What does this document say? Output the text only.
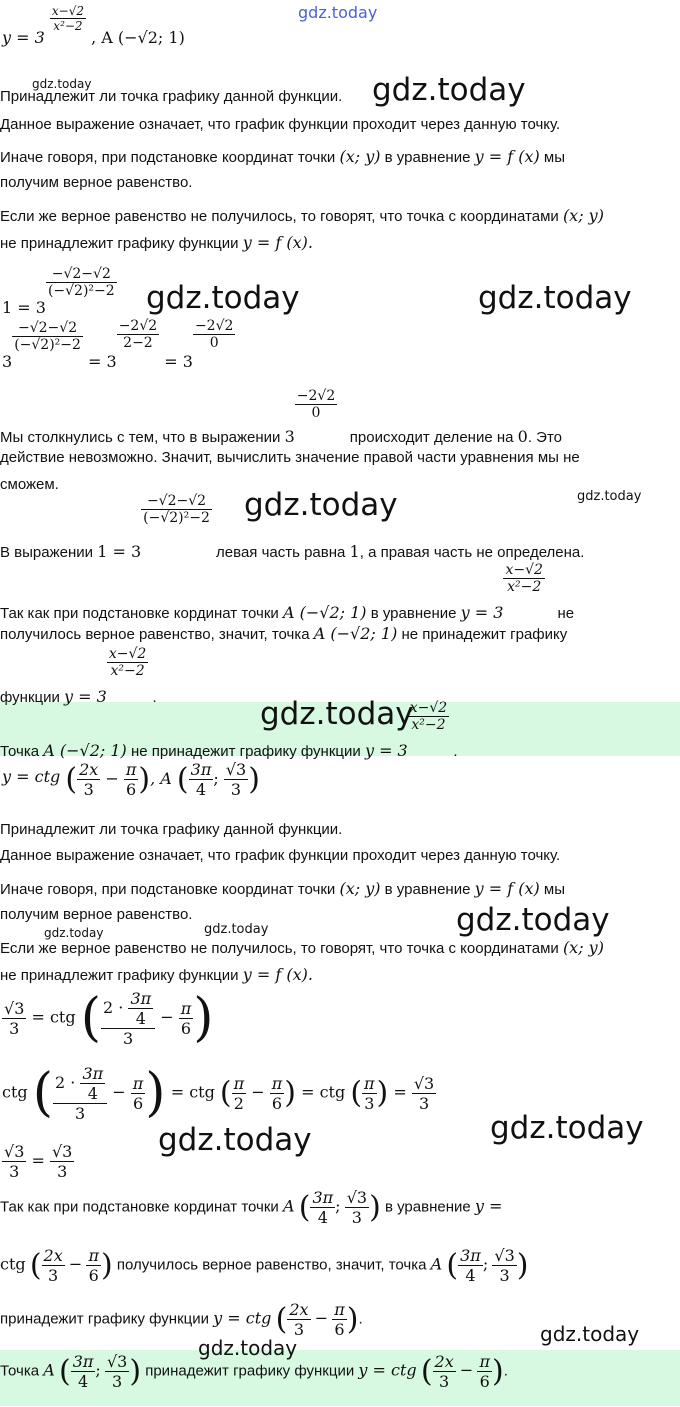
gdz.today
y = 3
$\frac{x-√2}{\text{x²−2}}$
, A (−√2; 1)
gdz.today
Принадлежит ли точка графику данной функции. gdz.today
Данное выражение означает, что график функции проходит через данную точку.
Иначе говоря, при подстановке координат точки (x; y) в уравнение y = f (x) мы
получим верное равенство.
Если же верное равенство не получилось, то говорят, что точка с координатами (x; y)
не принадлежит графику функции y = f (x).
1 = 3
$\frac{-√2-√2}{\text{(−√2)²−2}}$ gdz.today	gdz.today
3
$\frac{-√2-√2}{\text{(−√2)²−2}}$
= 3
$\frac{-2√2}{2-2}$
= 3
$\frac{-2√2}{0}$
Мы столкнулись с тем, что в выражении 3
$\frac{-2√2}{0}$
происходит деление на 0. Это
действие невозможно. Значит, вычислить значение правой части уравнения мы не
сможем.
gdz.today
В выражении 1 = 3
$\frac{-√2-√2}{\text{(−√2)²−2}}$
левая часть равна 1, а правая часть не определена.
gdz.today
Так как при подстановке кординат точки A (−√2; 1) в уравнение y = 3
$\frac{x-√2}{\text{x²−2}}$
не
получилось верное равенство, значит, точка A (−√2; 1) не принадежит графику
функции y = 3
$\frac{x-√2}{\text{x²−2}}$
.	gdz.today
Точка A (−√2; 1) не принадежит графику функции y = 3
$\frac{x-√2}{\text{x²−2}}$
.
y = ctg ( $\frac{2x}{3} - \frac{\pi}{6}$ ), A ( $\frac{3\pi}{4}$ ; $\frac{√3}{3}$ )
Принадлежит ли точка графику данной функции.
Данное выражение означает, что график функции проходит через данную точку.
Иначе говоря, при подстановке координат точки (x; y) в уравнение y = f (x) мы
получим верное равенство.	gdz.today
gdz.today	gdz.today
Если же верное равенство не получилось, то говорят, что точка с координатами (x; y)
не принадлежит графику функции y = f (x).
$\frac{√3}{3}$ = ctg ( $\frac{2 \cdot \frac{3\pi}{4}}{3} - \frac{\pi}{6}$ )
ctg ( $\frac{2 \cdot \frac{3\pi}{4}}{3} - \frac{\pi}{6}$ ) = ctg ( $\frac{\pi}{2} - \frac{\pi}{6}$ ) = ctg ( $\frac{\pi}{3}$ ) = $\frac{√3}{3}$
gdz.today	gdz.today
$\frac{√3}{3} = \frac{√3}{3}$
Так как при подстановке кординат точки A ( $\frac{3\pi}{4}$ ; $\frac{√3}{3}$ ) в уравнение y =
ctg ( $\frac{2x}{3} - \frac{\pi}{6}$ ) получилось верное равенство, значит, точка A ( $\frac{3\pi}{4}$ ; $\frac{√3}{3}$ )
принадежит графику функции y = ctg ( $\frac{2x}{3} - \frac{\pi}{6}$ ).
gdz.today
gdz.today
Точка A ( $\frac{3\pi}{4}$ ; $\frac{√3}{3}$ ) принадежит графику функции y = ctg ( $\frac{2x}{3} - \frac{\pi}{6}$ ).
